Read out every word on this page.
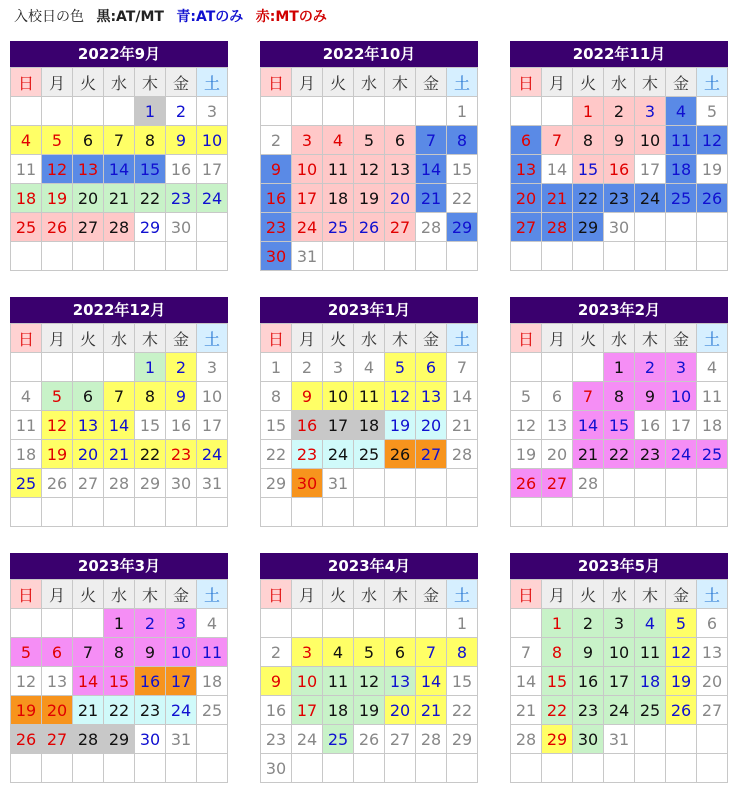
入校日の色 黒:AT/MT 青:ATのみ 赤:MTのみ
2022年9月
日	月	火	水	木	金	土
				1	2	3
4	5	6	7	8	9	10
11	12	13	14	15	16	17
18	19	20	21	22	23	24
25	26	27	28	29	30	

2022年10月
日	月	火	水	木	金	土
						1
2	3	4	5	6	7	8
9	10	11	12	13	14	15
16	17	18	19	20	21	22
23	24	25	26	27	28	29
30	31					
2022年11月
日	月	火	水	木	金	土
		1	2	3	4	5
6	7	8	9	10	11	12
13	14	15	16	17	18	19
20	21	22	23	24	25	26
27	28	29	30			

2022年12月
日	月	火	水	木	金	土
				1	2	3
4	5	6	7	8	9	10
11	12	13	14	15	16	17
18	19	20	21	22	23	24
25	26	27	28	29	30	31

2023年1月
日	月	火	水	木	金	土
1	2	3	4	5	6	7
8	9	10	11	12	13	14
15	16	17	18	19	20	21
22	23	24	25	26	27	28
29	30	31				

2023年2月
日	月	火	水	木	金	土
			1	2	3	4
5	6	7	8	9	10	11
12	13	14	15	16	17	18
19	20	21	22	23	24	25
26	27	28				

2023年3月
日	月	火	水	木	金	土
			1	2	3	4
5	6	7	8	9	10	11
12	13	14	15	16	17	18
19	20	21	22	23	24	25
26	27	28	29	30	31	

2023年4月
日	月	火	水	木	金	土
						1
2	3	4	5	6	7	8
9	10	11	12	13	14	15
16	17	18	19	20	21	22
23	24	25	26	27	28	29
30						
2023年5月
日	月	火	水	木	金	土
	1	2	3	4	5	6
7	8	9	10	11	12	13
14	15	16	17	18	19	20
21	22	23	24	25	26	27
28	29	30	31			
